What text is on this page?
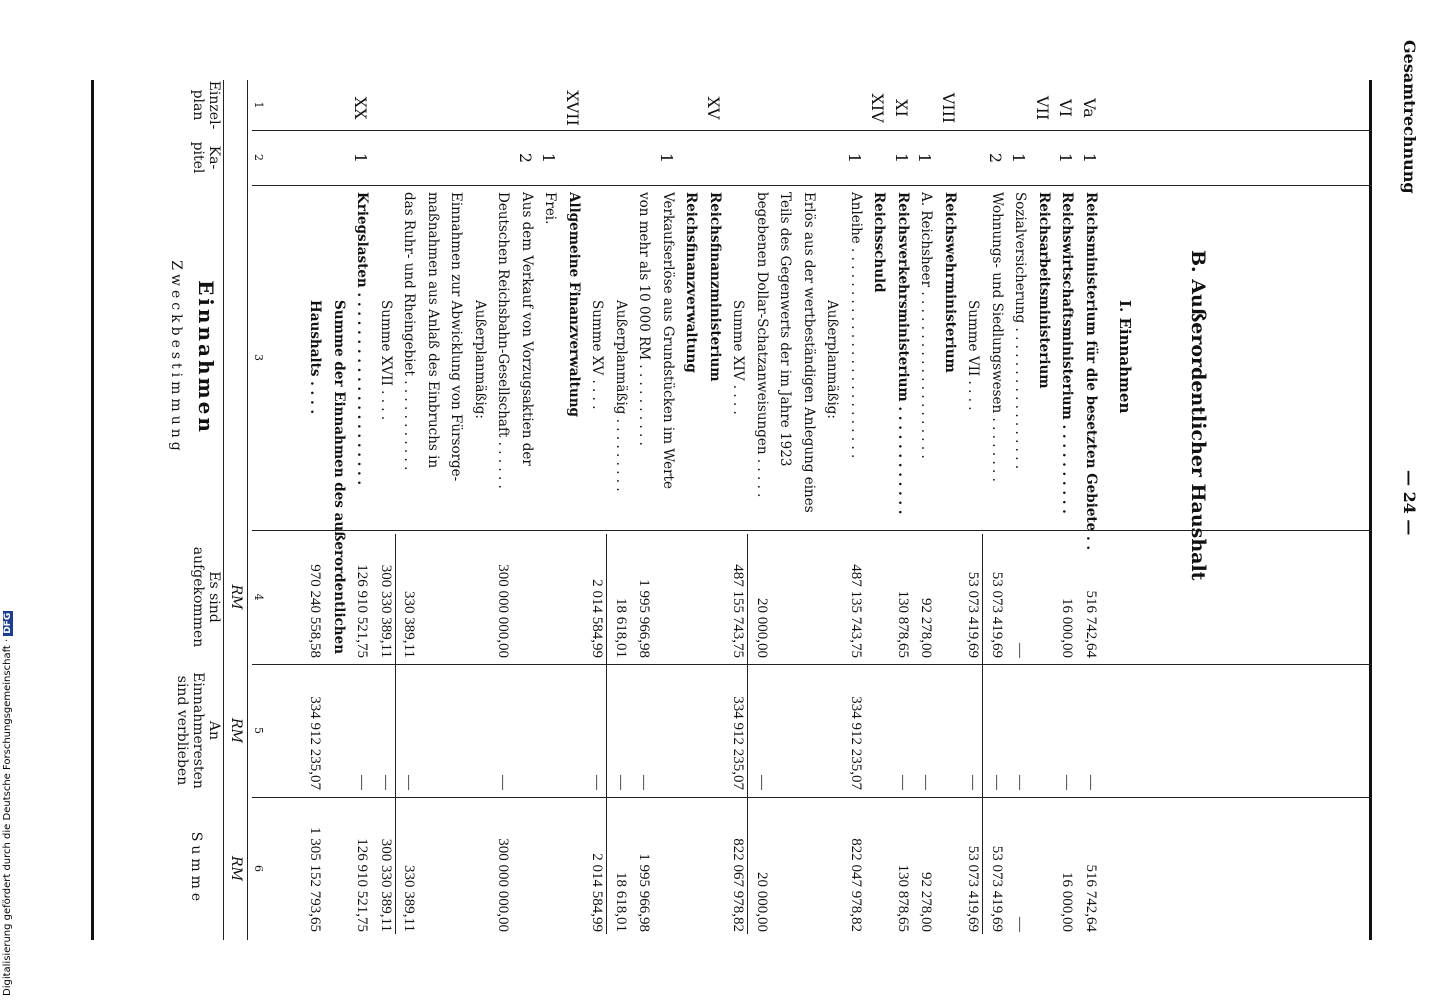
Gesamtrechnung
— 24 —
Einzel-
plan
Ka-
pitel
Einnahmen
Zweckbestimmung
Es sind
aufgekommen	RM
An
Einnahmeresten
sind verblieben	RM
Summe RM
1
2
3
4
5
6
B. Außerordentlicher Haushalt
I. Einnahmen
Va
1
Reichsministerium für die besetzten Gebiete . .
516 742,64
—
516 742,64
VI
1
Reichswirtschaftsministerium . . . . . . . . . .
16 000,00
—
16 000,00
VII
Reichsarbeitsministerium
1
Sozialversicherung . . . . . . . . . . . . . . . . .
—
—
—
2
Wohnungs- und Siedlungswesen . . . . . . . .
53 073 419,69
—
53 073 419,69
Summe VII . . . .
53 073 419,69
—
53 073 419,69
VIII
Reichswehrministerium
1
A. Reichsheer . . . . . . . . . . . . . . . . . . . .
92 278,00
—
92 278,00
XI
1
Reichsverkehrsministerium . . . . . . . . . . . .
130 878,65
—
130 878,65
XIV
Reichsschuld
1
Anleihe . . . . . . . . . . . . . . . . . . . . . . . . .
487 135 743,75
334 912 235,07
822 047 978,82
Außerplanmäßig:
Erlös aus der wertbeständigen Anlegung eines
Teils des Gegenwerts der im Jahre 1923
begebenen Dollar-Schatzanweisungen . . . . .
20 000,00
—
20 000,00
Summe XIV . . . .
487 155 743,75
334 912 235,07
822 067 978,82
XV
Reichsfinanzministerium
Reichsfinanzverwaltung
1
Verkaufserlöse aus Grundstücken im Werte
von mehr als 10 000 RM . . . . . . . . . .
1 995 966,98
—
1 995 966,98
Außerplanmäßig . . . . . . . . .
18 618,01
—
18 618,01
Summe XV . . . .
2 014 584,99
—
2 014 584,99
XVII
Allgemeine Finanzverwaltung
1
Frei.
2
Aus dem Verkauf von Vorzugsaktien der
Deutschen Reichsbahn-Gesellschaft . . . . . .
300 000 000,00
—
300 000 000,00
Außerplanmäßig:
Einnahmen zur Abwicklung von Fürsorge-
maßnahmen aus Anlaß des Einbruchs in
das Ruhr- und Rheingebiet . . . . . . . . . . .
330 389,11
—
330 389,11
Summe XVII . . . .
300 330 389,11
—
300 330 389,11
XX
1
Kriegslasten . . . . . . . . . . . . . . . . . . . . .
126 910 521,75
—
126 910 521,75
Summe der Einnahmen des außerordentlichen
Haushalts . . . .
970 240 558,58
334 912 235,07
1 305 152 793,65
Digitalisierung gefördert durch die Deutsche Forschungsgemeinschaft ·DFG
